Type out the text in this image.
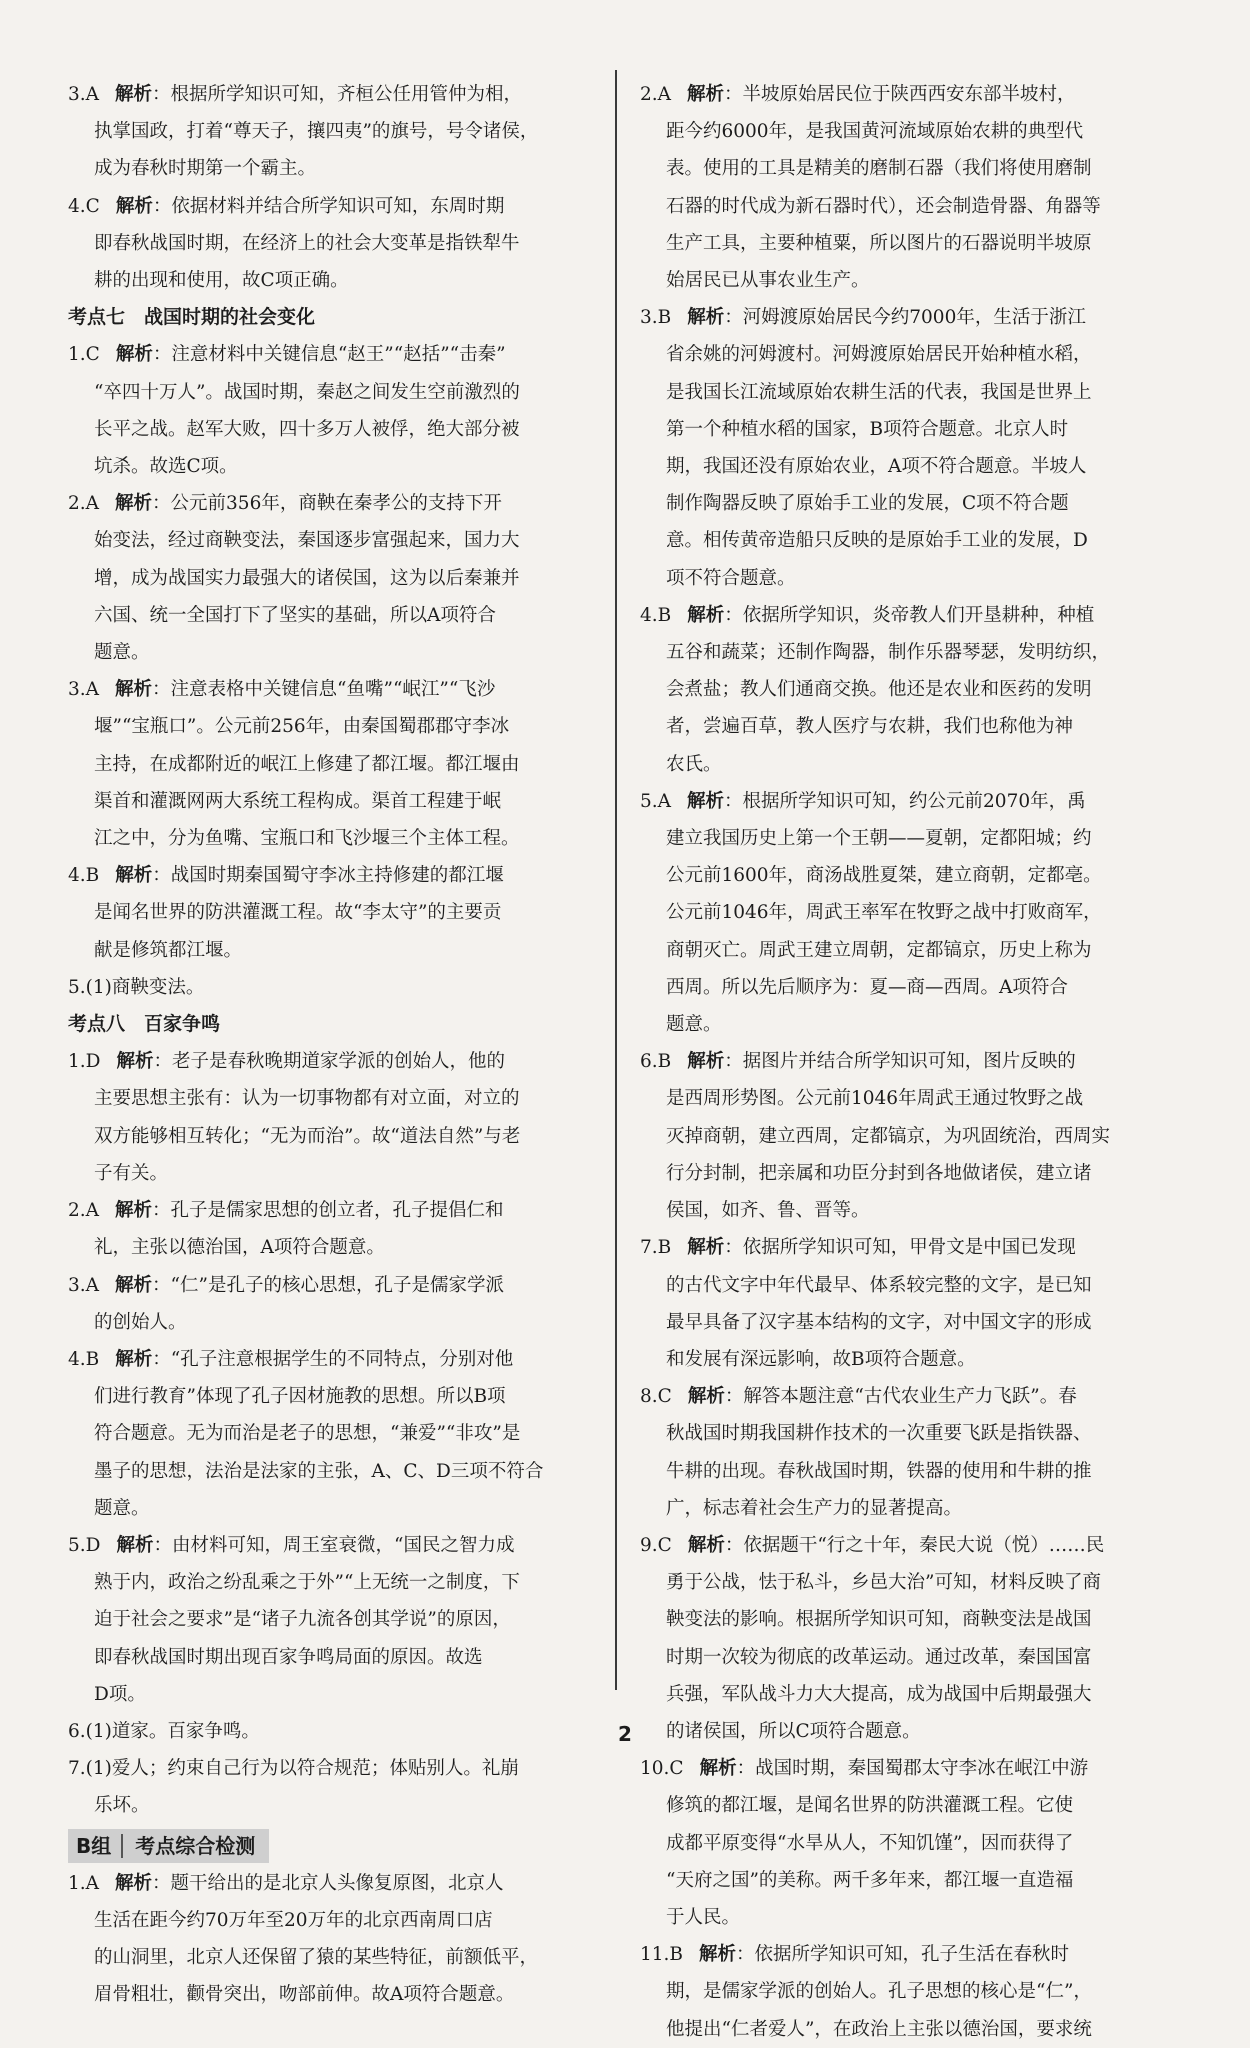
3.A 解析：根据所学知识可知，齐桓公任用管仲为相，
执掌国政，打着“尊天子，攘四夷”的旗号，号令诸侯，
成为春秋时期第一个霸主。

4.C 解析：依据材料并结合所学知识可知，东周时期
即春秋战国时期，在经济上的社会大变革是指铁犁牛
耕的出现和使用，故C项正确。

考点七　战国时期的社会变化

1.C 解析：注意材料中关键信息“赵王”“赵括”“击秦”
“卒四十万人”。战国时期，秦赵之间发生空前激烈的
长平之战。赵军大败，四十多万人被俘，绝大部分被
坑杀。故选C项。

2.A 解析：公元前356年，商鞅在秦孝公的支持下开
始变法，经过商鞅变法，秦国逐步富强起来，国力大
增，成为战国实力最强大的诸侯国，这为以后秦兼并
六国、统一全国打下了坚实的基础，所以A项符合
题意。

3.A 解析：注意表格中关键信息“鱼嘴”“岷江”“飞沙
堰”“宝瓶口”。公元前256年，由秦国蜀郡郡守李冰
主持，在成都附近的岷江上修建了都江堰。都江堰由
渠首和灌溉网两大系统工程构成。渠首工程建于岷
江之中，分为鱼嘴、宝瓶口和飞沙堰三个主体工程。

4.B 解析：战国时期秦国蜀守李冰主持修建的都江堰
是闻名世界的防洪灌溉工程。故“李太守”的主要贡
献是修筑都江堰。

5.(1)商鞅变法。

考点八　百家争鸣

1.D 解析：老子是春秋晚期道家学派的创始人，他的
主要思想主张有：认为一切事物都有对立面，对立的
双方能够相互转化；“无为而治”。故“道法自然”与老
子有关。

2.A 解析：孔子是儒家思想的创立者，孔子提倡仁和
礼，主张以德治国，A项符合题意。

3.A 解析：“仁”是孔子的核心思想，孔子是儒家学派
的创始人。

4.B 解析：“孔子注意根据学生的不同特点，分别对他
们进行教育”体现了孔子因材施教的思想。所以B项
符合题意。无为而治是老子的思想，“兼爱”“非攻”是
墨子的思想，法治是法家的主张，A、C、D三项不符合
题意。

5.D 解析：由材料可知，周王室衰微，“国民之智力成
熟于内，政治之纷乱乘之于外”“上无统一之制度，下
迫于社会之要求”是“诸子九流各创其学说”的原因，
即春秋战国时期出现百家争鸣局面的原因。故选
D项。

6.(1)道家。百家争鸣。

7.(1)爱人；约束自己行为以符合规范；体贴别人。礼崩
乐坏。

B组 考点综合检测

1.A 解析：题干给出的是北京人头像复原图，北京人
生活在距今约70万年至20万年的北京西南周口店
的山洞里，北京人还保留了猿的某些特征，前额低平，
眉骨粗壮，颧骨突出，吻部前伸。故A项符合题意。

2.A 解析：半坡原始居民位于陕西西安东部半坡村，
距今约6000年，是我国黄河流域原始农耕的典型代
表。使用的工具是精美的磨制石器（我们将使用磨制
石器的时代成为新石器时代），还会制造骨器、角器等
生产工具，主要种植粟，所以图片的石器说明半坡原
始居民已从事农业生产。

3.B 解析：河姆渡原始居民今约7000年，生活于浙江
省余姚的河姆渡村。河姆渡原始居民开始种植水稻，
是我国长江流域原始农耕生活的代表，我国是世界上
第一个种植水稻的国家，B项符合题意。北京人时
期，我国还没有原始农业，A项不符合题意。半坡人
制作陶器反映了原始手工业的发展，C项不符合题
意。相传黄帝造船只反映的是原始手工业的发展，D
项不符合题意。

4.B 解析：依据所学知识，炎帝教人们开垦耕种，种植
五谷和蔬菜；还制作陶器，制作乐器琴瑟，发明纺织，
会煮盐；教人们通商交换。他还是农业和医药的发明
者，尝遍百草，教人医疗与农耕，我们也称他为神
农氏。

5.A 解析：根据所学知识可知，约公元前2070年，禹
建立我国历史上第一个王朝——夏朝，定都阳城；约
公元前1600年，商汤战胜夏桀，建立商朝，定都亳。
公元前1046年，周武王率军在牧野之战中打败商军，
商朝灭亡。周武王建立周朝，定都镐京，历史上称为
西周。所以先后顺序为：夏—商—西周。A项符合
题意。

6.B 解析：据图片并结合所学知识可知，图片反映的
是西周形势图。公元前1046年周武王通过牧野之战
灭掉商朝，建立西周，定都镐京，为巩固统治，西周实
行分封制，把亲属和功臣分封到各地做诸侯，建立诸
侯国，如齐、鲁、晋等。

7.B 解析：依据所学知识可知，甲骨文是中国已发现
的古代文字中年代最早、体系较完整的文字，是已知
最早具备了汉字基本结构的文字，对中国文字的形成
和发展有深远影响，故B项符合题意。

8.C 解析：解答本题注意“古代农业生产力飞跃”。春
秋战国时期我国耕作技术的一次重要飞跃是指铁器、
牛耕的出现。春秋战国时期，铁器的使用和牛耕的推
广，标志着社会生产力的显著提高。

9.C 解析：依据题干“行之十年，秦民大说（悦）……民
勇于公战，怯于私斗，乡邑大治”可知，材料反映了商
鞅变法的影响。根据所学知识可知，商鞅变法是战国
时期一次较为彻底的改革运动。通过改革，秦国国富
兵强，军队战斗力大大提高，成为战国中后期最强大
的诸侯国，所以C项符合题意。

10.C 解析：战国时期，秦国蜀郡太守李冰在岷江中游
修筑的都江堰，是闻名世界的防洪灌溉工程。它使
成都平原变得“水旱从人，不知饥馑”，因而获得了
“天府之国”的美称。两千多年来，都江堰一直造福
于人民。

11.B 解析：依据所学知识可知，孔子生活在春秋时
期，是儒家学派的创始人。孔子思想的核心是“仁”，
他提出“仁者爱人”，在政治上主张以德治国，要求统

2
